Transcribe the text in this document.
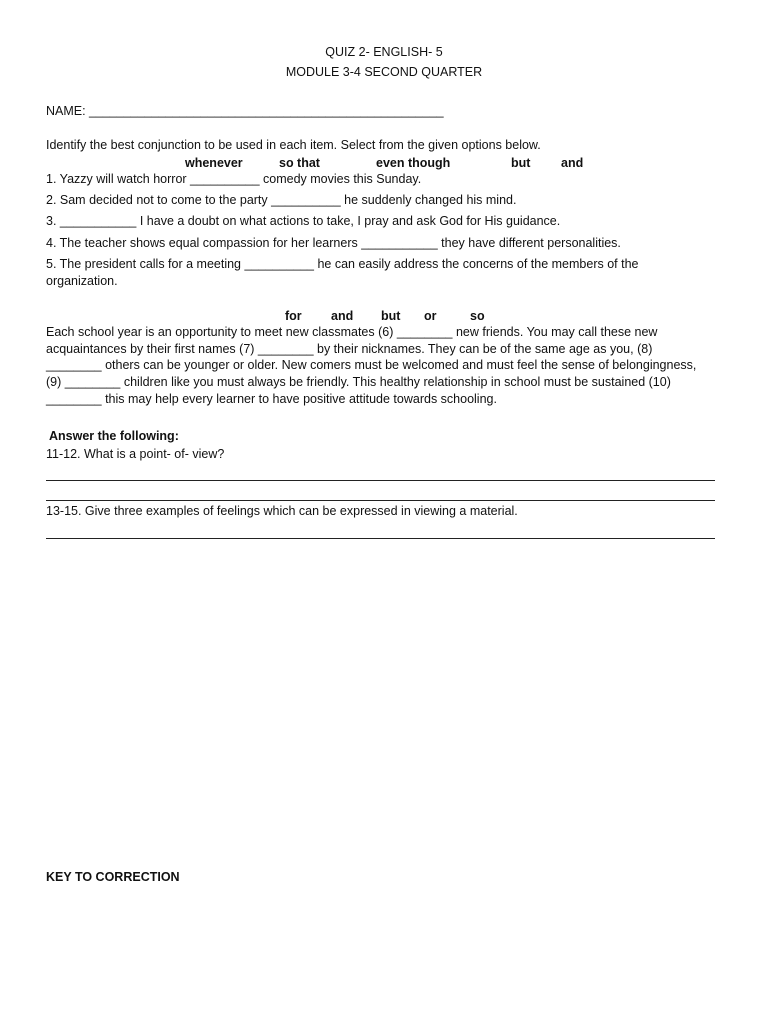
QUIZ 2- ENGLISH- 5
MODULE 3-4 SECOND QUARTER
NAME: ___________________________________________________
Identify the best conjunction to be used in each item. Select from the given options below.
whenever	so that	even though	but and
1. Yazzy will watch horror __________ comedy movies this Sunday.
2. Sam decided not to come to the party __________ he suddenly changed his mind.
3. ___________ I have a doubt on what actions to take, I pray and ask God for His guidance.
4. The teacher shows equal compassion for her learners ___________ they have different personalities.
5. The president calls for a meeting __________ he can easily address the concerns of the members of the
organization.
for and but or	so
Each school year is an opportunity to meet new classmates (6) ________ new friends. You may call these new
acquaintances by their first names (7) ________ by their nicknames. They can be of the same age as you, (8)
________ others can be younger or older. New comers must be welcomed and must feel the sense of belongingness,
(9) ________ children like you must always be friendly. This healthy relationship in school must be sustained (10)
________ this may help every learner to have positive attitude towards schooling.
Answer the following:
11-12. What is a point- of- view?
13-15. Give three examples of feelings which can be expressed in viewing a material.
KEY TO CORRECTION
